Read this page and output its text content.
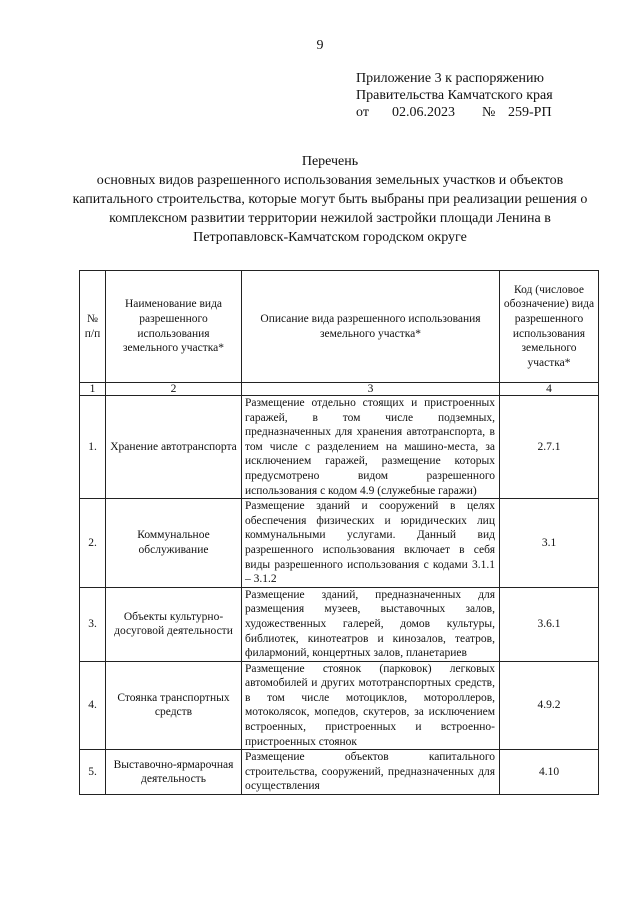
9
Приложение 3 к распоряжению
Правительства Камчатского края
от 02.06.2023 № 259-РП
Перечень
основных видов разрешенного использования земельных участков и объектов капитального строительства, которые могут быть выбраны при реализации решения о комплексном развитии территории нежилой застройки площади Ленина в Петропавловск-Камчатском городском округе
№ п/п	Наименование вида разрешенного использования земельного участка*	Описание вида разрешенного использования земельного участка*	Код (числовое обозначение) вида разрешенного использования земельного участка*
1	2	3	4
1.	Хранение автотранспорта	Размещение отдельно стоящих и пристроенных гаражей, в том числе подземных, предназначенных для хранения автотранспорта, в том числе с разделением на машино-места, за исключением гаражей, размещение которых предусмотрено видом разрешенного использования с кодом 4.9 (служебные гаражи)	2.7.1
2.	Коммунальное обслуживание	Размещение зданий и сооружений в целях обеспечения физических и юридических лиц коммунальными услугами. Данный вид разрешенного использования включает в себя виды разрешенного использования с кодами 3.1.1 – 3.1.2	3.1
3.	Объекты культурно-досуговой деятельности	Размещение зданий, предназначенных для размещения музеев, выставочных залов, художественных галерей, домов культуры, библиотек, кинотеатров и кинозалов, театров, филармоний, концертных залов, планетариев	3.6.1
4.	Стоянка транспортных средств	Размещение стоянок (парковок) легковых автомобилей и других мототранспортных средств, в том числе мотоциклов, мотороллеров, мотоколясок, мопедов, скутеров, за исключением встроенных, пристроенных и встроенно-пристроенных стоянок	4.9.2
5.	Выставочно-ярмарочная деятельность	Размещение объектов капитального строительства, сооружений, предназначенных для осуществления	4.10
